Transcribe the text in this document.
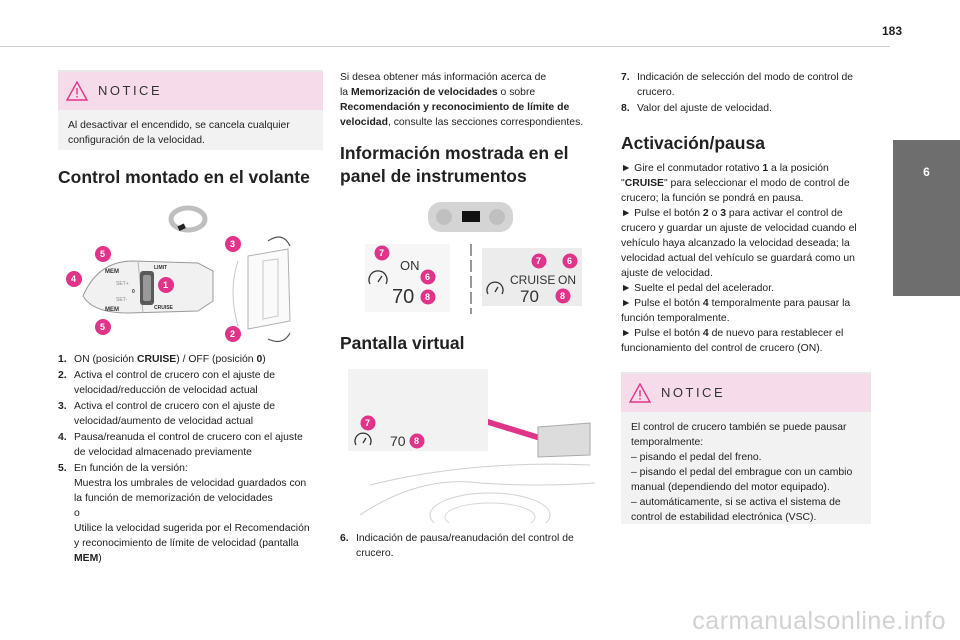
183
6
Conducción
NOTICE

Al desactivar el encendido, se cancela cualquier

configuración de la velocidad.

Control montado en el volante
MEM
MEM
SET+
SET-
0
LIMIT
CRUISE
1
2
3
4
5
5
1. ON (posición CRUISE) / OFF (posición 0)
2. Activa el control de crucero con el ajuste de
velocidad/reducción de velocidad actual
3. Activa el control de crucero con el ajuste de
velocidad/aumento de velocidad actual
4. Pausa/reanuda el control de crucero con el ajuste
de velocidad almacenado previamente
5. En función de la versión:
Muestra los umbrales de velocidad guardados con
la función de memorización de velocidades
o
Utilice la velocidad sugerida por el Recomendación
y reconocimiento de límite de velocidad (pantalla
MEM)

Si desea obtener más información acerca de
la Memorización de velocidades o sobre
Recomendación y reconocimiento de límite de
velocidad, consulte las secciones correspondientes.

Información mostrada en el
panel de instrumentos
ON
70
CRUISE ON
70
7
6
8
7	6
8
Pantalla virtual
70
7
8
6. Indicación de pausa/reanudación del control de
crucero.
7. Indicación de selección del modo de control de
crucero.
8. Valor del ajuste de velocidad.
Activación/pausa
► Gire el conmutador rotativo 1 a la posición
"CRUISE" para seleccionar el modo de control de
crucero; la función se pondrá en pausa.
► Pulse el botón 2 o 3 para activar el control de
crucero y guardar un ajuste de velocidad cuando el
vehículo haya alcanzado la velocidad deseada; la
velocidad actual del vehículo se guardará como un
ajuste de velocidad.
► Suelte el pedal del acelerador.
► Pulse el botón 4 temporalmente para pausar la
función temporalmente.
► Pulse el botón 4 de nuevo para restablecer el
funcionamiento del control de crucero (ON).
NOTICE

El control de crucero también se puede pausar

temporalmente:

– pisando el pedal del freno.

– pisando el pedal del embrague con un cambio

manual (dependiendo del motor equipado).

– automáticamente, si se activa el sistema de

control de estabilidad electrónica (VSC).

carmanualsonline.info
